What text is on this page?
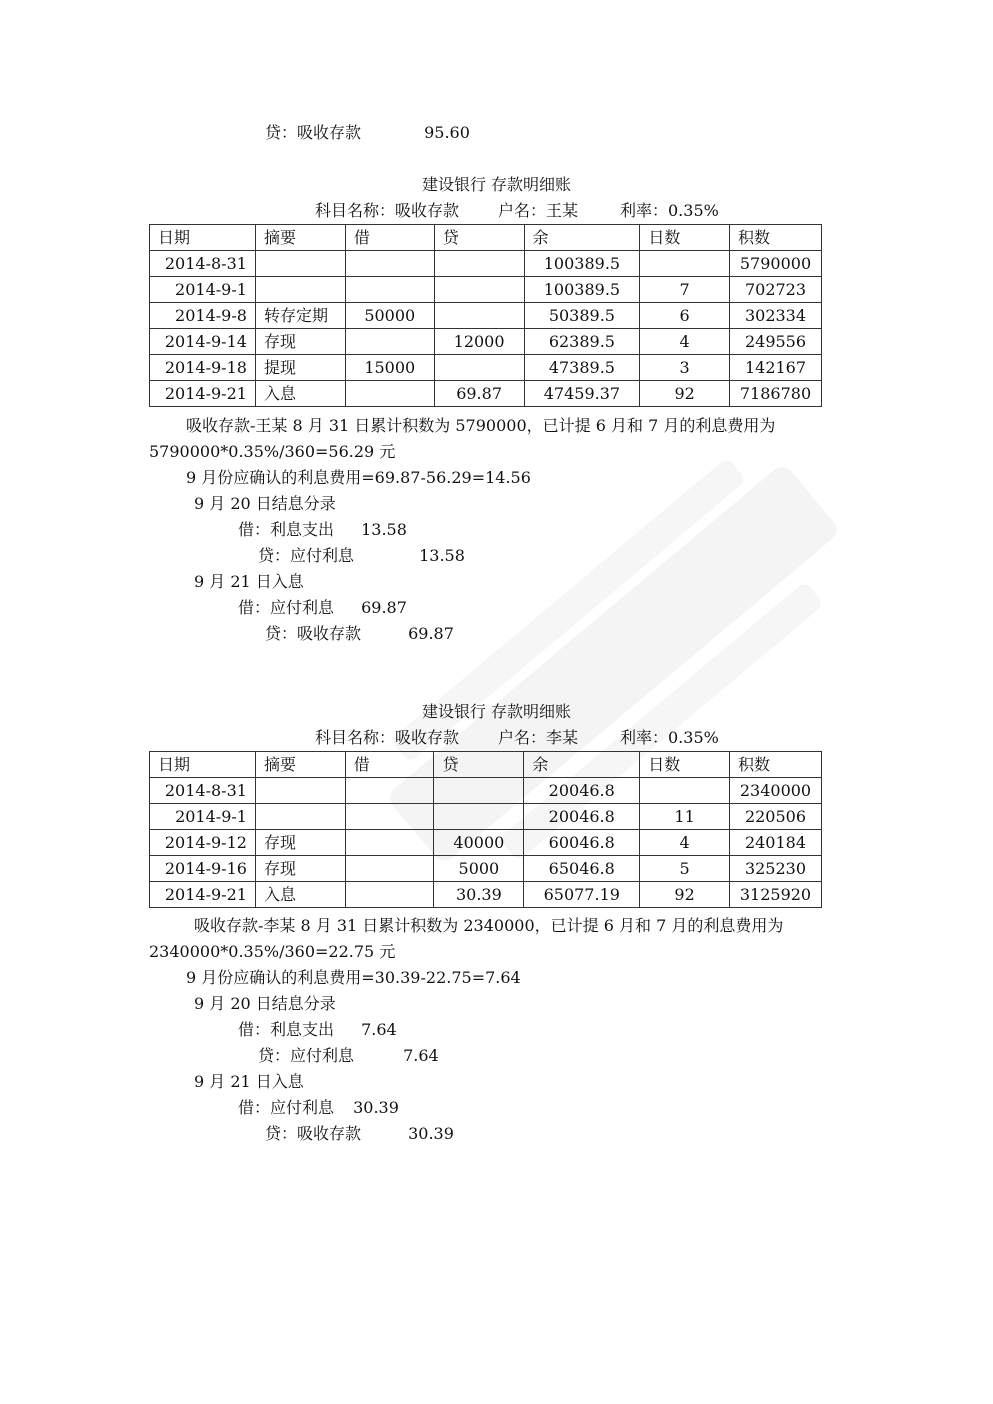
贷：吸收存款	95.60
建设银行 存款明细账
科目名称：吸收存款 户名：王某	利率：0.35%
日期	摘要	借	贷	余	日数	积数
2014-8-31				100389.5		5790000
2014-9-1				100389.5	7	702723
2014-9-8	转存定期	50000		50389.5	6	302334
2014-9-14	存现		12000	62389.5	4	249556
2014-9-18	提现	15000		47389.5	3	142167
2014-9-21	入息		69.87	47459.37	92	7186780
吸收存款-王某 8 月 31 日累计积数为 5790000，已计提 6 月和 7 月的利息费用为
5790000*0.35%/360=56.29 元
9 月份应确认的利息费用=69.87-56.29=14.56
9 月 20 日结息分录
借：利息支出 13.58
贷：应付利息	13.58
9 月 21 日入息
借：应付利息 69.87
贷：吸收存款	69.87
建设银行 存款明细账
科目名称：吸收存款 户名：李某	利率：0.35%
日期	摘要	借	贷	余	日数	积数
2014-8-31				20046.8		2340000
2014-9-1				20046.8	11	220506
2014-9-12	存现		40000	60046.8	4	240184
2014-9-16	存现		5000	65046.8	5	325230
2014-9-21	入息		30.39	65077.19	92	3125920
吸收存款-李某 8 月 31 日累计积数为 2340000，已计提 6 月和 7 月的利息费用为
2340000*0.35%/360=22.75 元
9 月份应确认的利息费用=30.39-22.75=7.64
9 月 20 日结息分录
借：利息支出 7.64
贷：应付利息	7.64
9 月 21 日入息
借：应付利息 30.39
贷：吸收存款	30.39
